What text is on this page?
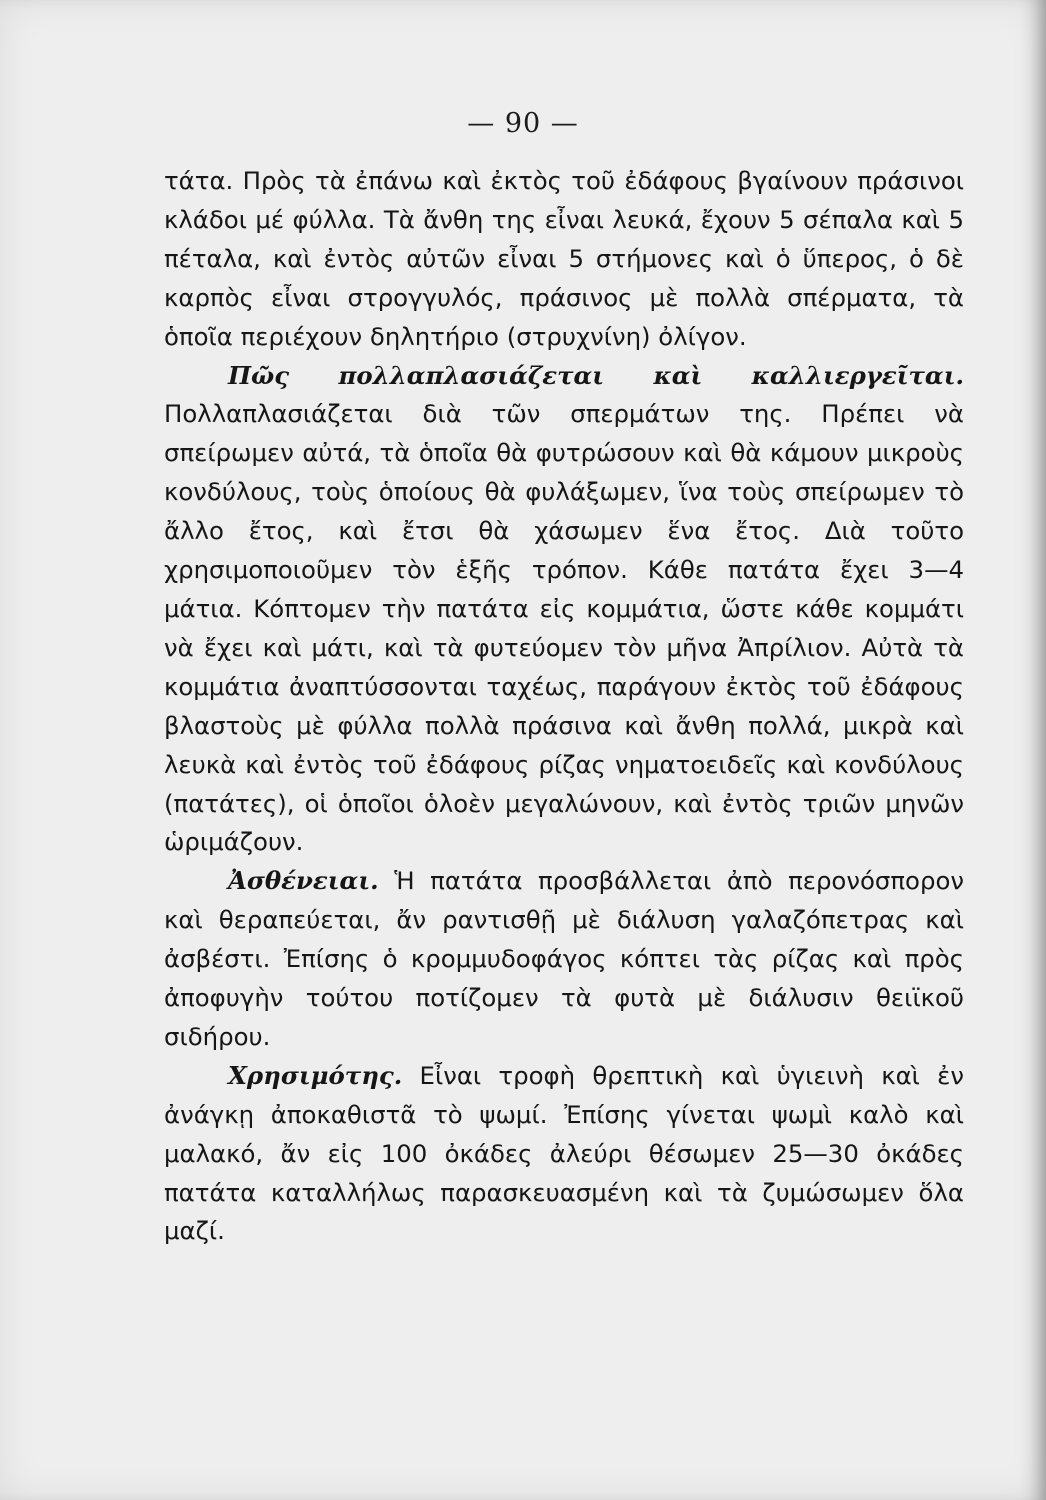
— 90 —

τάτα. Πρὸς τὰ ἐπάνω καὶ ἐκτὸς τοῦ ἐδάφους βγαίνουν πράσινοι κλάδοι μέ φύλλα. Τὰ ἄνθη της εἶναι λευκά, ἔχουν 5 σέπαλα καὶ 5 πέταλα, καὶ ἐντὸς αὐτῶν εἶναι 5 στήμονες καὶ ὁ ὕπερος, ὁ δὲ καρπὸς εἶναι στρογγυλός, πράσινος μὲ πολλὰ σπέρματα, τὰ ὁποῖα περιέχουν δηλητήριο (στρυχνίνη) ὀλίγον.

Πῶς πολλαπλασιάζεται καὶ καλλιεργεῖται. Πολλαπλασιάζεται διὰ τῶν σπερμάτων της. Πρέπει νὰ σπείρωμεν αὐτά, τὰ ὁποῖα θὰ φυτρώσουν καὶ θὰ κάμουν μικροὺς κονδύλους, τοὺς ὁποίους θὰ φυλάξωμεν, ἵνα τοὺς σπείρωμεν τὸ ἄλλο ἔτος, καὶ ἔτσι θὰ χάσωμεν ἕνα ἔτος. Διὰ τοῦτο χρησιμοποιοῦμεν τὸν ἑξῆς τρόπον. Κάθε πατάτα ἔχει 3—4 μάτια. Κόπτομεν τὴν πατάτα εἰς κομμάτια, ὥστε κάθε κομμάτι νὰ ἔχει καὶ μάτι, καὶ τὰ φυτεύομεν τὸν μῆνα Ἀπρίλιον. Αὐτὰ τὰ κομμάτια ἀναπτύσσονται ταχέως, παράγουν ἐκτὸς τοῦ ἐδάφους βλαστοὺς μὲ φύλλα πολλὰ πράσινα καὶ ἄνθη πολλά, μικρὰ καὶ λευκὰ καὶ ἐντὸς τοῦ ἐδάφους ρίζας νηματοειδεῖς καὶ κονδύλους (πατάτες), οἱ ὁποῖοι ὁλοὲν μεγαλώνουν, καὶ ἐντὸς τριῶν μηνῶν ὡριμάζουν.

Ἀσθένειαι. Ἡ πατάτα προσβάλλεται ἀπὸ περονόσπορον καὶ θεραπεύεται, ἄν ραντισθῇ μὲ διάλυση γαλαζόπετρας καὶ ἀσβέστι. Ἐπίσης ὁ κρομμυδοφάγος κόπτει τὰς ρίζας καὶ πρὸς ἀποφυγὴν τούτου ποτίζομεν τὰ φυτὰ μὲ διάλυσιν θειϊκοῦ σιδήρου.

Χρησιμότης. Εἶναι τροφὴ θρεπτικὴ καὶ ὑγιεινὴ καὶ ἐν ἀνάγκῃ ἀποκαθιστᾶ τὸ ψωμί. Ἐπίσης γίνεται ψωμὶ καλὸ καὶ μαλακό, ἄν εἰς 100 ὀκάδες ἀλεύρι θέσωμεν 25—30 ὀκάδες πατάτα καταλλήλως παρασκευασμένη καὶ τὰ ζυμώσωμεν ὅλα μαζί.
